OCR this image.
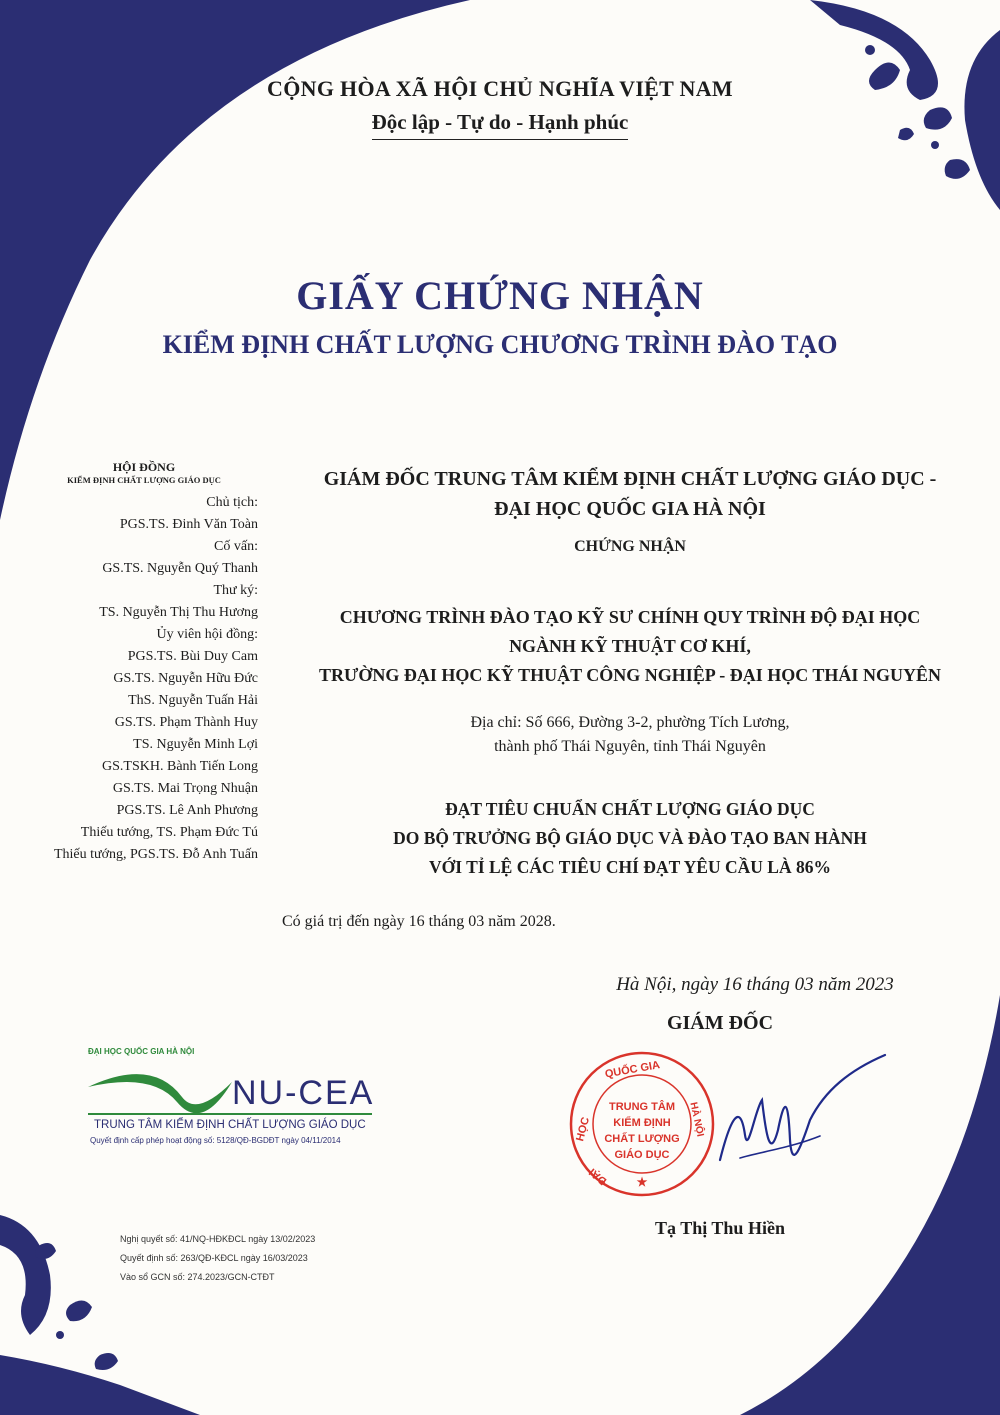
CỘNG HÒA XÃ HỘI CHỦ NGHĨA VIỆT NAM
Độc lập - Tự do - Hạnh phúc
GIẤY CHỨNG NHẬN
KIỂM ĐỊNH CHẤT LƯỢNG CHƯƠNG TRÌNH ĐÀO TẠO
HỘI ĐỒNG
KIỂM ĐỊNH CHẤT LƯỢNG GIÁO DỤC
Chủ tịch:
PGS.TS. Đinh Văn Toàn
Cố vấn:
GS.TS. Nguyễn Quý Thanh
Thư ký:
TS. Nguyễn Thị Thu Hương
Ủy viên hội đồng:
PGS.TS. Bùi Duy Cam
GS.TS. Nguyễn Hữu Đức
ThS. Nguyễn Tuấn Hải
GS.TS. Phạm Thành Huy
TS. Nguyễn Minh Lợi
GS.TSKH. Bành Tiến Long
GS.TS. Mai Trọng Nhuận
PGS.TS. Lê Anh Phương
Thiếu tướng, TS. Phạm Đức Tú
Thiếu tướng, PGS.TS. Đỗ Anh Tuấn
GIÁM ĐỐC TRUNG TÂM KIỂM ĐỊNH CHẤT LƯỢNG GIÁO DỤC -
ĐẠI HỌC QUỐC GIA HÀ NỘI
CHỨNG NHẬN
CHƯƠNG TRÌNH ĐÀO TẠO KỸ SƯ CHÍNH QUY TRÌNH ĐỘ ĐẠI HỌC
NGÀNH KỸ THUẬT CƠ KHÍ,
TRƯỜNG ĐẠI HỌC KỸ THUẬT CÔNG NGHIỆP - ĐẠI HỌC THÁI NGUYÊN
Địa chỉ: Số 666, Đường 3-2, phường Tích Lương,
thành phố Thái Nguyên, tỉnh Thái Nguyên
ĐẠT TIÊU CHUẨN CHẤT LƯỢNG GIÁO DỤC
DO BỘ TRƯỞNG BỘ GIÁO DỤC VÀ ĐÀO TẠO BAN HÀNH
VỚI TỈ LỆ CÁC TIÊU CHÍ ĐẠT YÊU CẦU LÀ 86%
Có giá trị đến ngày 16 tháng 03 năm 2028.
Hà Nội, ngày 16 tháng 03 năm 2023
GIÁM ĐỐC
QUỐC GIA
HỌC
ĐẠI
HÀ NỘI
TRUNG TÂM
KIỂM ĐỊNH
CHẤT LƯỢNG
GIÁO DỤC
★
Tạ Thị Thu Hiền
ĐẠI HỌC QUỐC GIA HÀ NỘI
NU-CEA
TRUNG TÂM KIỂM ĐỊNH CHẤT LƯỢNG GIÁO DỤC
Quyết định cấp phép hoạt động số: 5128/QĐ-BGDĐT ngày 04/11/2014
Nghị quyết số: 41/NQ-HĐKĐCL ngày 13/02/2023
Quyết định số: 263/QĐ-KĐCL ngày 16/03/2023
Vào sổ GCN số: 274.2023/GCN-CTĐT
